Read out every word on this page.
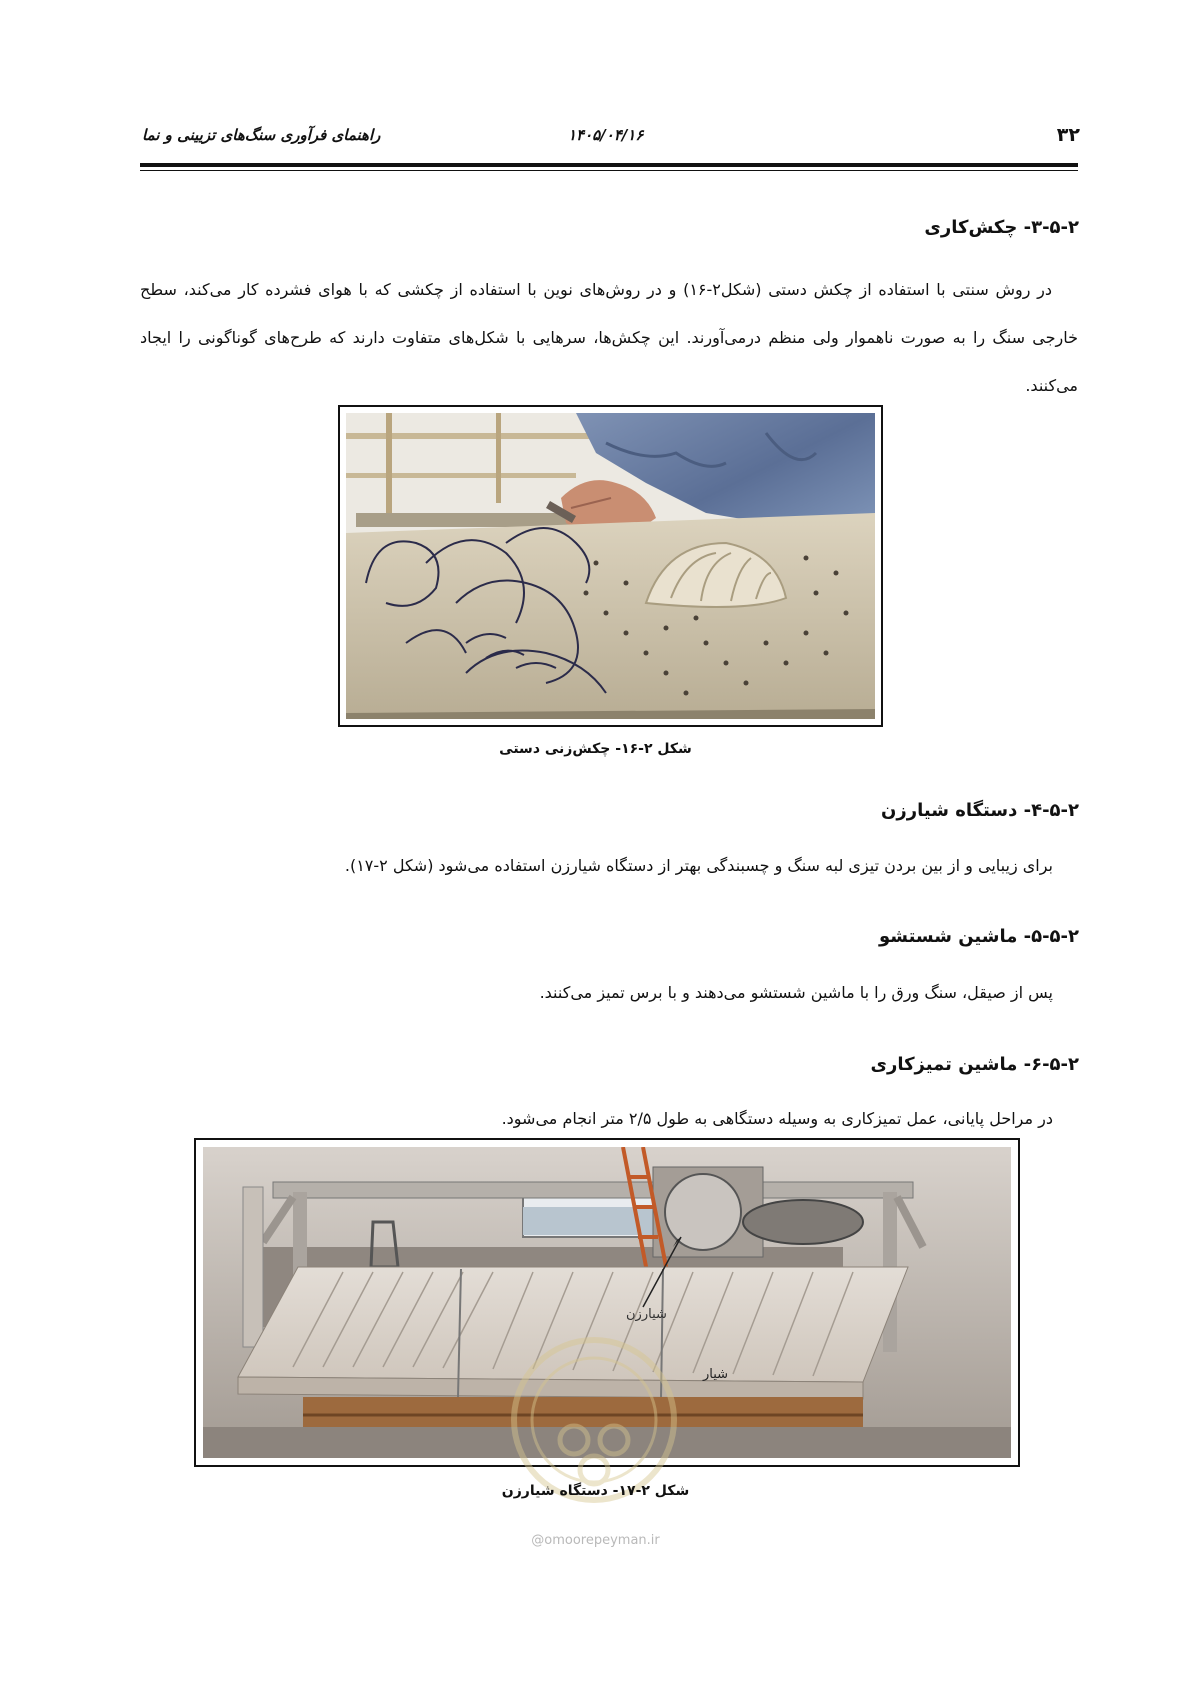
۳۲
۱۴۰۵/۰۴/۱۶
راهنمای فرآوری سنگ‌های تزیینی و نما
۳-۵-۲- چکش‌کاری
در روش سنتی با استفاده از چکش دستی (شکل۲-۱۶) و در روش‌های نوین با استفاده از چکشی که با هوای فشرده کار می‌کند، سطح خارجی سنگ را به صورت ناهموار ولی منظم درمی‌آورند. این چکش‌ها، سرهایی با شکل‌های متفاوت دارند که طرح‌های گوناگونی را ایجاد می‌کنند.
شکل ۲-۱۶- چکش‌زنی دستی
۴-۵-۲- دستگاه شیارزن
برای زیبایی و از بین بردن تیزی لبه سنگ و چسبندگی بهتر از دستگاه شیارزن استفاده می‌شود (شکل ۲-۱۷).
۵-۵-۲- ماشین شستشو
پس از صیقل، سنگ ورق را با ماشین شستشو می‌دهند و با برس تمیز می‌کنند.
۶-۵-۲- ماشین تمیزکاری
در مراحل پایانی، عمل تمیزکاری به وسیله دستگاهی به طول ۲/۵ متر انجام می‌شود.
شیارزن
شیار
شکل ۲-۱۷- دستگاه شیارزن
@omoorepeyman.ir
